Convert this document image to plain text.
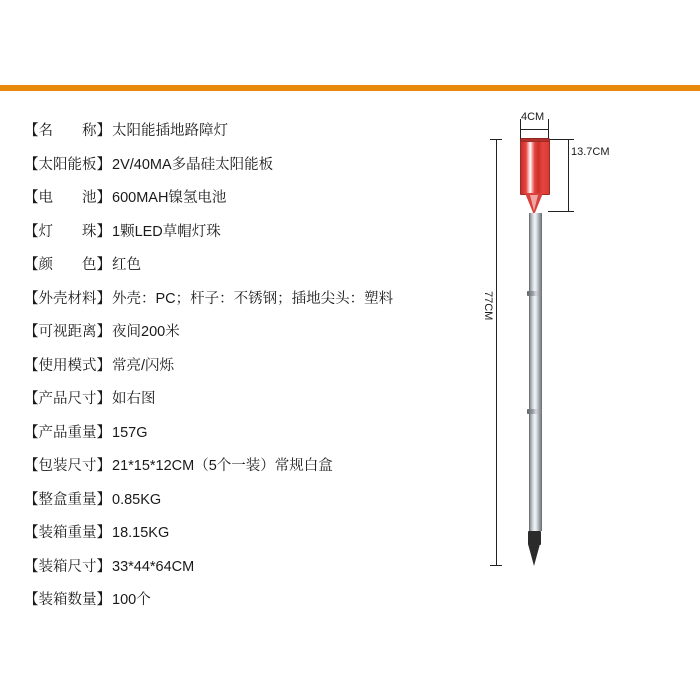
【名　　称】 太阳能插地路障灯
【太阳能板】 2V/40MA多晶硅太阳能板
【电　　池】 600MAH镍氢电池
【灯　　珠】 1颗LED草帽灯珠
【颜　　色】 红色
【外壳材料】 外壳：PC；杆子：不锈钢；插地尖头：塑料
【可视距离】 夜间200米
【使用模式】 常亮/闪烁
【产品尺寸】 如右图
【产品重量】 157G
【包装尺寸】 21*15*12CM（5个一装）常规白盒
【整盒重量】 0.85KG
【装箱重量】 18.15KG
【装箱尺寸】 33*44*64CM
【装箱数量】 100个
4CM
13.7CM
77CM
